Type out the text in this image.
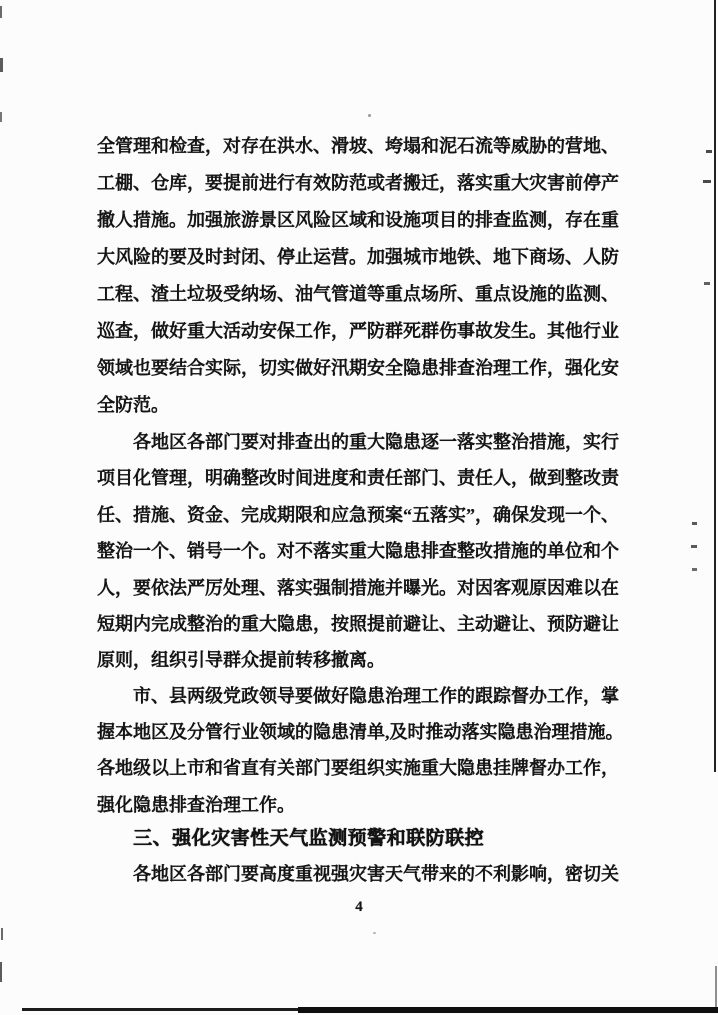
全管理和检查，对存在洪水、滑坡、垮塌和泥石流等威胁的营地、
工棚、仓库，要提前进行有效防范或者搬迁，落实重大灾害前停产
撤人措施。加强旅游景区风险区域和设施项目的排查监测，存在重
大风险的要及时封闭、停止运营。加强城市地铁、地下商场、人防
工程、渣土垃圾受纳场、油气管道等重点场所、重点设施的监测、
巡查，做好重大活动安保工作，严防群死群伤事故发生。其他行业
领域也要结合实际，切实做好汛期安全隐患排查治理工作，强化安
全防范。
各地区各部门要对排查出的重大隐患逐一落实整治措施，实行
项目化管理，明确整改时间进度和责任部门、责任人，做到整改责
任、措施、资金、完成期限和应急预案“五落实”，确保发现一个、
整治一个、销号一个。对不落实重大隐患排查整改措施的单位和个
人，要依法严厉处理、落实强制措施并曝光。对因客观原因难以在
短期内完成整治的重大隐患，按照提前避让、主动避让、预防避让
原则，组织引导群众提前转移撤离。
市、县两级党政领导要做好隐患治理工作的跟踪督办工作，掌
握本地区及分管行业领域的隐患清单,及时推动落实隐患治理措施。
各地级以上市和省直有关部门要组织实施重大隐患挂牌督办工作，
强化隐患排查治理工作。
三、强化灾害性天气监测预警和联防联控
各地区各部门要高度重视强灾害天气带来的不利影响，密切关
4
